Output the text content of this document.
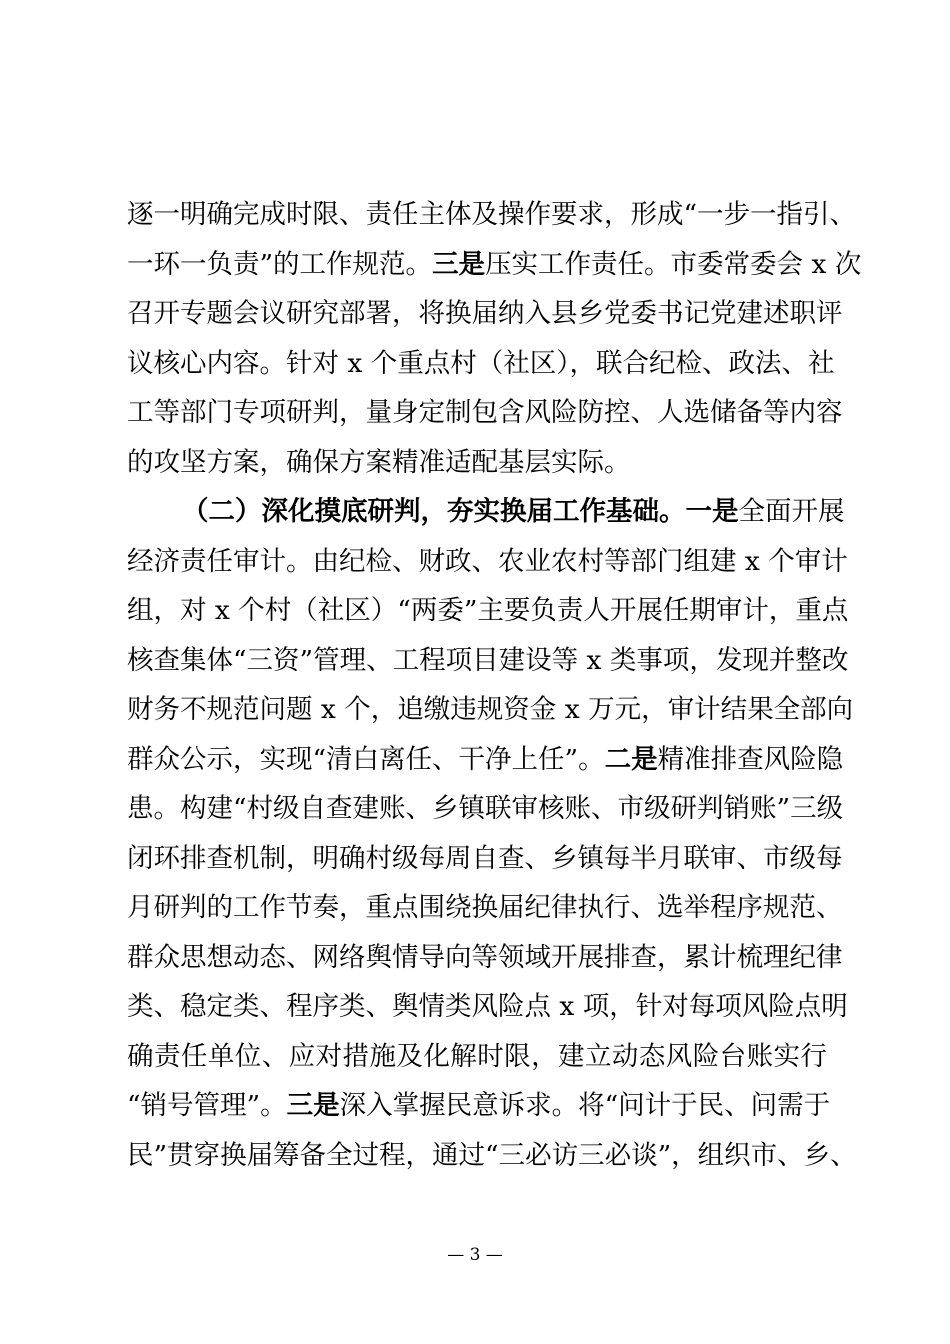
逐一明确完成时限、责任主体及操作要求，形成“一步一指引、
一环一负责”的工作规范。三是压实工作责任。市委常委会 x 次
召开专题会议研究部署，将换届纳入县乡党委书记党建述职评
议核心内容。针对 x 个重点村（社区），联合纪检、政法、社
工等部门专项研判，量身定制包含风险防控、人选储备等内容
的攻坚方案，确保方案精准适配基层实际。
（二）深化摸底研判，夯实换届工作基础。一是全面开展
经济责任审计。由纪检、财政、农业农村等部门组建 x 个审计
组，对 x 个村（社区）“两委”主要负责人开展任期审计，重点
核查集体“三资”管理、工程项目建设等 x 类事项，发现并整改
财务不规范问题 x 个，追缴违规资金 x 万元，审计结果全部向
群众公示，实现“清白离任、干净上任”。二是精准排查风险隐
患。构建“村级自查建账、乡镇联审核账、市级研判销账”三级
闭环排查机制，明确村级每周自查、乡镇每半月联审、市级每
月研判的工作节奏，重点围绕换届纪律执行、选举程序规范、
群众思想动态、网络舆情导向等领域开展排查，累计梳理纪律
类、稳定类、程序类、舆情类风险点 x 项，针对每项风险点明
确责任单位、应对措施及化解时限，建立动态风险台账实行
“销号管理”。三是深入掌握民意诉求。将“问计于民、问需于
民”贯穿换届筹备全过程，通过“三必访三必谈”，组织市、乡、
— 3 —
